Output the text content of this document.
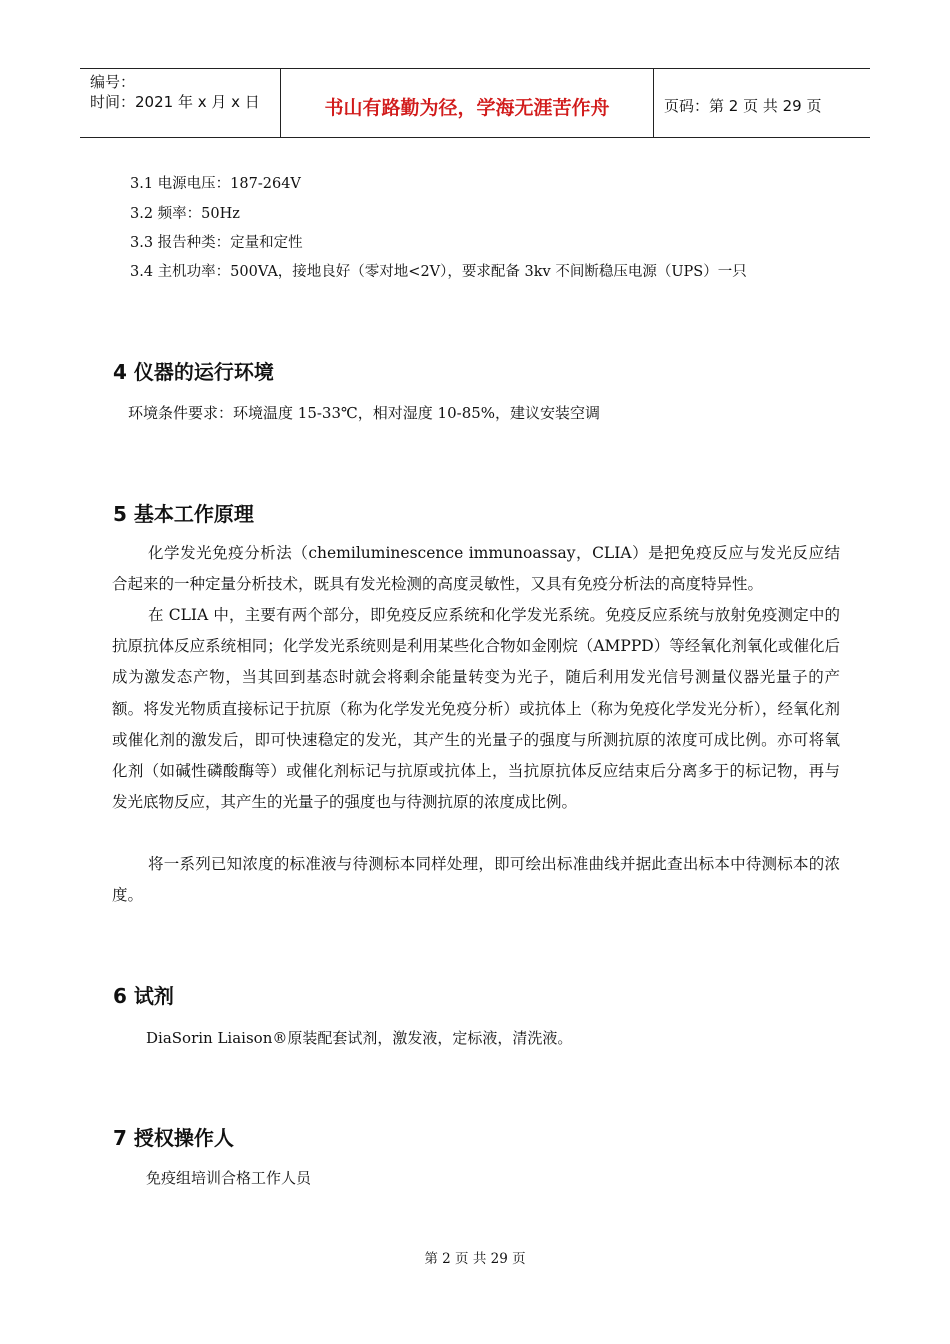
编号：
时间：2021 年 x 月 x 日	书山有路勤为径，学海无涯苦作舟	页码：第 2 页 共 29 页
3.1 电源电压：187-264V
3.2 频率：50Hz
3.3 报告种类：定量和定性
3.4 主机功率：500VA，接地良好（零对地<2V），要求配备 3kv 不间断稳压电源（UPS）一只
4 仪器的运行环境
环境条件要求：环境温度 15-33℃，相对湿度 10-85%，建议安装空调
5 基本工作原理
化学发光免疫分析法（chemiluminescence immunoassay，CLIA）是把免疫反应与发光反应结合起来的一种定量分析技术，既具有发光检测的高度灵敏性，又具有免疫分析法的高度特异性。
在 CLIA 中，主要有两个部分，即免疫反应系统和化学发光系统。免疫反应系统与放射免疫测定中的抗原抗体反应系统相同；化学发光系统则是利用某些化合物如金刚烷（AMPPD）等经氧化剂氧化或催化后成为激发态产物，当其回到基态时就会将剩余能量转变为光子，随后利用发光信号测量仪器光量子的产额。将发光物质直接标记于抗原（称为化学发光免疫分析）或抗体上（称为免疫化学发光分析），经氧化剂或催化剂的激发后，即可快速稳定的发光，其产生的光量子的强度与所测抗原的浓度可成比例。亦可将氧化剂（如碱性磷酸酶等）或催化剂标记与抗原或抗体上，当抗原抗体反应结束后分离多于的标记物，再与发光底物反应，其产生的光量子的强度也与待测抗原的浓度成比例。
将一系列已知浓度的标准液与待测标本同样处理，即可绘出标准曲线并据此查出标本中待测标本的浓度。
6 试剂
DiaSorin Liaison®原装配套试剂，激发液，定标液，清洗液。
7 授权操作人
免疫组培训合格工作人员
第 2 页 共 29 页
